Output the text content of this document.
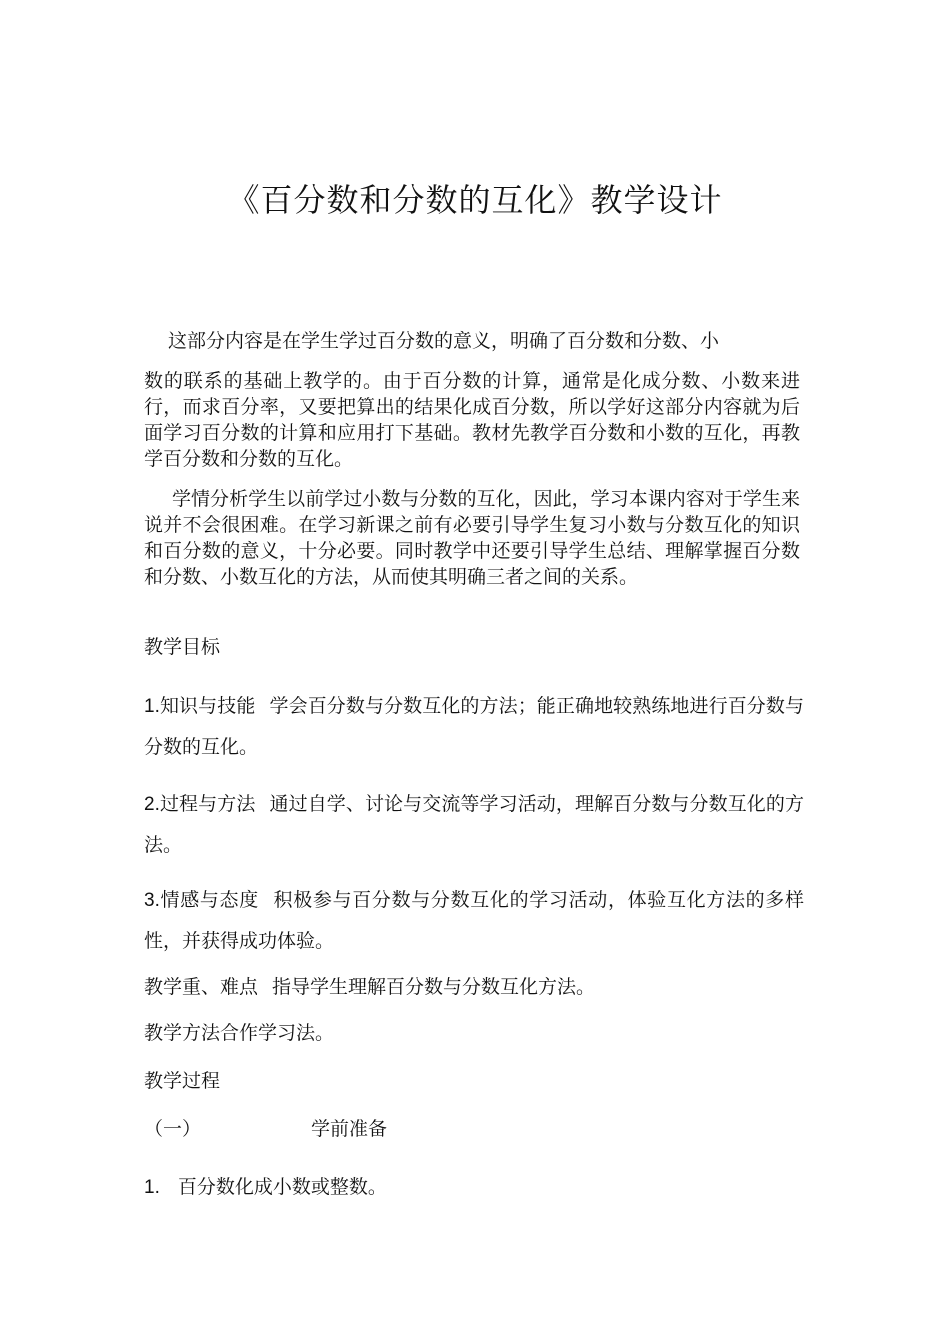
《百分数和分数的互化》教学设计
这部分内容是在学生学过百分数的意义，明确了百分数和分数、小
数的联系的基础上教学的。由于百分数的计算，通常是化成分数、小数来进行，而求百分率，又要把算出的结果化成百分数，所以学好这部分内容就为后面学习百分数的计算和应用打下基础。教材先教学百分数和小数的互化，再教学百分数和分数的互化。
学情分析学生以前学过小数与分数的互化，因此，学习本课内容对于学生来说并不会很困难。在学习新课之前有必要引导学生复习小数与分数互化的知识和百分数的意义，十分必要。同时教学中还要引导学生总结、理解掌握百分数和分数、小数互化的方法，从而使其明确三者之间的关系。
教学目标
1.知识与技能 学会百分数与分数互化的方法；能正确地较熟练地进行百分数与分数的互化。
2.过程与方法 通过自学、讨论与交流等学习活动，理解百分数与分数互化的方法。
3.情感与态度 积极参与百分数与分数互化的学习活动，体验互化方法的多样性，并获得成功体验。
教学重、难点 指导学生理解百分数与分数互化方法。
教学方法合作学习法。
教学过程
（一）	学前准备
1. 百分数化成小数或整数。
